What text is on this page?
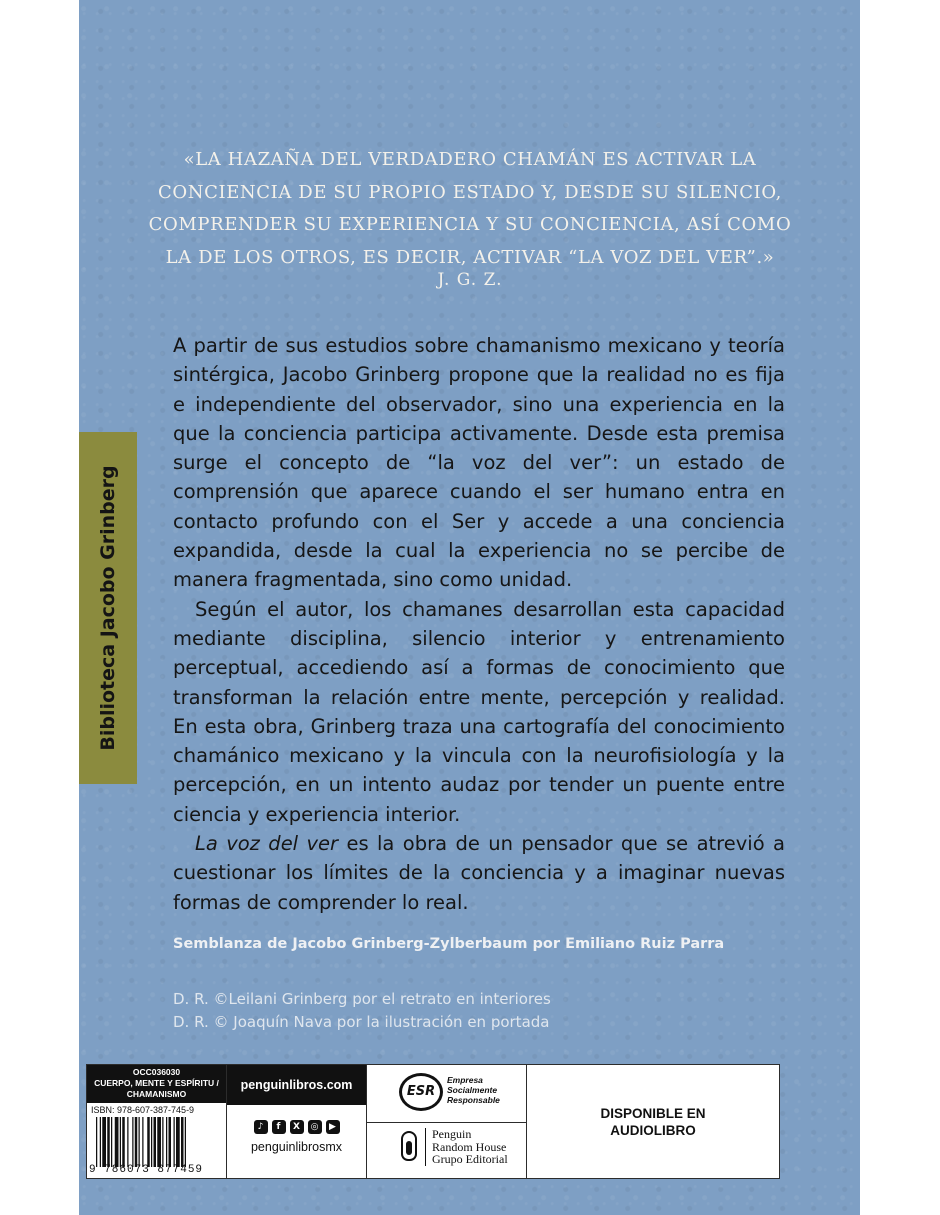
«LA HAZAÑA DEL VERDADERO CHAMÁN ES ACTIVAR LA CONCIENCIA DE SU PROPIO ESTADO Y, DESDE SU SILENCIO, COMPRENDER SU EXPERIENCIA Y SU CONCIENCIA, ASÍ COMO LA DE LOS OTROS, ES DECIR, ACTIVAR “LA VOZ DEL VER”.»

J. G. Z.
Biblioteca Jacobo Grinberg

A partir de sus estudios sobre chamanismo mexicano y teoría sintérgica, Jacobo Grinberg propone que la realidad no es fija e independiente del observador, sino una experiencia en la que la conciencia participa activamente. Desde esta premisa surge el concepto de “la voz del ver”: un estado de comprensión que aparece cuando el ser humano entra en contacto profundo con el Ser y accede a una conciencia expandida, desde la cual la experiencia no se percibe de manera fragmentada, sino como unidad.

Según el autor, los chamanes desarrollan esta capacidad mediante disciplina, silencio interior y entrenamiento perceptual, accediendo así a formas de conocimiento que transforman la relación entre mente, percepción y realidad. En esta obra, Grinberg traza una cartografía del conocimiento chamánico mexicano y la vincula con la neurofisiología y la percepción, en un intento audaz por tender un puente entre ciencia y experiencia interior.

La voz del ver es la obra de un pensador que se atrevió a cuestionar los límites de la conciencia y a imaginar nuevas formas de comprender lo real.

Semblanza de Jacobo Grinberg-Zylberbaum por Emiliano Ruiz Parra
D. R. ©Leilani Grinberg por el retrato en interiores
D. R. © Joaquín Nava por la ilustración en portada
OCC036030
CUERPO, MENTE Y ESPÍRITU /
CHAMANISMO
ISBN: 978-607-387-745-9
9 786073 877459
penguinlibros.com
♪	f	X	◎	▶
penguinlibrosmx
ESR
Empresa
Socialmente
Responsable
Penguin
Random House
Grupo Editorial
DISPONIBLE EN AUDIOLIBRO
